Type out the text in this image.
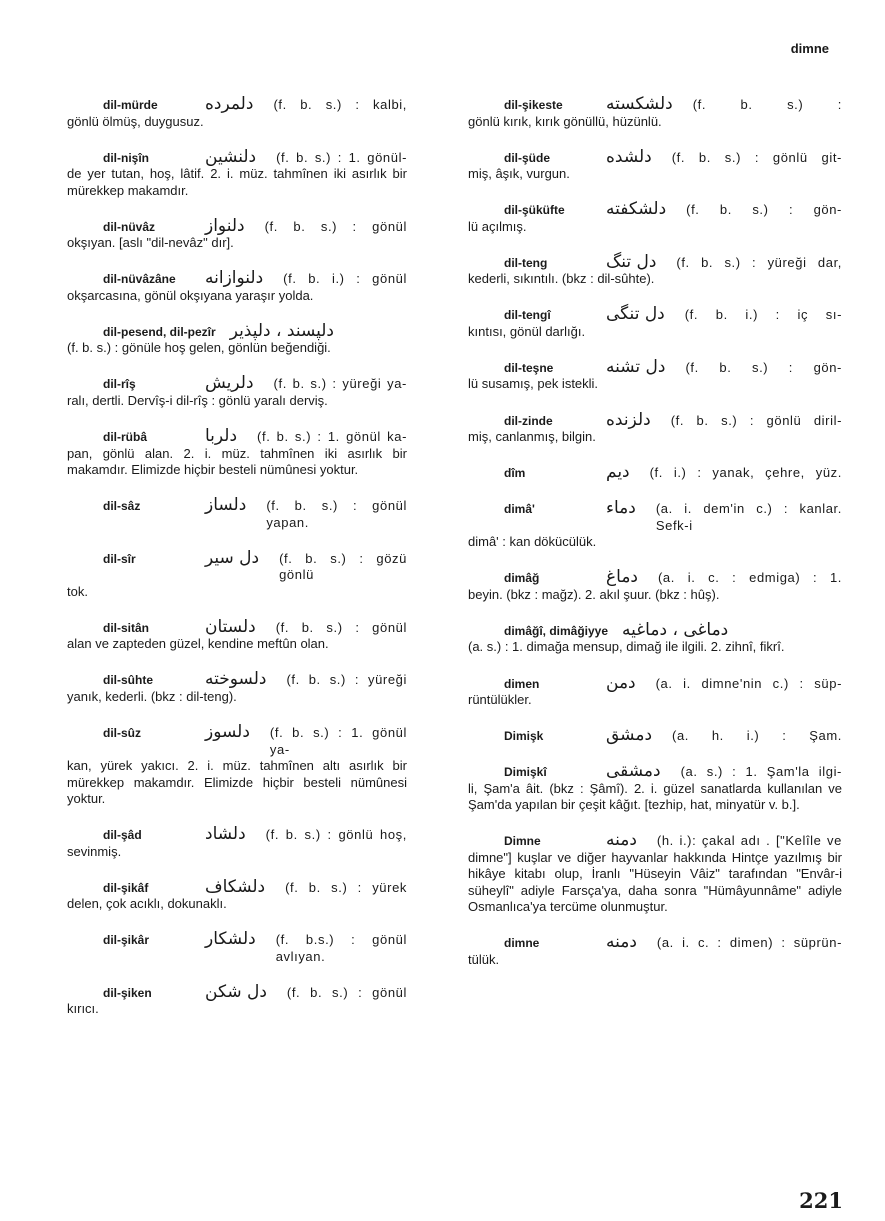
dimne
dil-mürde	دلمرده (f. b. s.) : kalbi,
gönlü ölmüş, duygusuz.
dil-nişîn	دلنشين (f. b. s.) : 1. gönül-
de yer tutan, hoş, lâtif. 2. i. müz. tahmînen iki asırlık bir mürekkep makamdır.
dil-nüvâz	دلنواز (f. b. s.) : gönül
okşıyan. [aslı "dil-nevâz" dır].
dil-nüvâzâne	دلنوازانه (f. b. i.) : gönül
okşarcasına, gönül okşıyana yaraşır yolda.
dil-pesend, dil-pezîr دلپسند ، دلپذير
(f. b. s.) : gönüle hoş gelen, gönlün beğendiği.
dil-rîş	دلريش (f. b. s.) : yüreği ya-
ralı, dertli. Dervîş-i dil-rîş : gönlü yaralı derviş.
dil-rübâ	دلربا (f. b. s.) : 1. gönül ka-
pan, gönlü alan. 2. i. müz. tahmînen iki asırlık bir makamdır. Elimizde hiçbir besteli nümûnesi yoktur.
dil-sâz	دلساز (f. b. s.) : gönül yapan.
dil-sîr	دل سير (f. b. s.) : gözü gönlü
tok.
dil-sitân	دلستان (f. b. s.) : gönül
alan ve zapteden güzel, kendine meftûn olan.
dil-sûhte	دلسوخته (f. b. s.) : yüreği
yanık, kederli. (bkz : dil-teng).
dil-sûz	دلسوز (f. b. s.) : 1. gönül ya-
kan, yürek yakıcı. 2. i. müz. tahmînen altı asırlık bir mürekkep makamdır. Elimizde hiçbir besteli nümûnesi yoktur.
dil-şâd	دلشاد (f. b. s.) : gönlü hoş,
sevinmiş.
dil-şikâf	دلشكاف (f. b. s.) : yürek
delen, çok acıklı, dokunaklı.
dil-şikâr	دلشكار (f. b.s.) : gönül avlıyan.
dil-şiken	دل شكن (f. b. s.) : gönül
kırıcı.
dil-şikeste	دلشكسته (f. b. s.) :
gönlü kırık, kırık gönüllü, hüzünlü.
dil-şüde	دلشده (f. b. s.) : gönlü git-
miş, âşık, vurgun.
dil-şüküfte	دلشكفته (f. b. s.) : gön-
lü açılmış.
dil-teng	دل تنگ (f. b. s.) : yüreği dar,
kederli, sıkıntılı. (bkz : dil-sûhte).
dil-tengî	دل تنگى (f. b. i.) : iç sı-
kıntısı, gönül darlığı.
dil-teşne	دل تشنه (f. b. s.) : gön-
lü susamış, pek istekli.
dil-zinde	دلزنده (f. b. s.) : gönlü diril-
miş, canlanmış, bilgin.
dîm	ديم (f. i.) : yanak, çehre, yüz.
dimâ'	دماء (a. i. dem'in c.) : kanlar. Sefk-i
dimâ' : kan dökücülük.
dimâğ	دماغ (a. i. c. : edmiga) : 1.
beyin. (bkz : mağz). 2. akıl şuur. (bkz : hûş).
dimâğî, dimâğiyye دماغى ، دماغيه
(a. s.) : 1. dimağa mensup, dimağ ile ilgili. 2. zihnî, fikrî.
dimen	دمن (a. i. dimne'nin c.) : süp-
rüntülükler.
Dimişk	دمشق (a. h. i.) : Şam.
Dimişkî	دمشقى (a. s.) : 1. Şam'la ilgi-
li, Şam'a âit. (bkz : Şâmî). 2. i. güzel sanatlarda kullanılan ve Şam'da yapılan bir çeşit kâğıt. [tezhip, hat, minyatür v. b.].
Dimne	دمنه (h. i.): çakal adı . ["Kelîle ve
dimne"] kuşlar ve diğer hayvanlar hakkında Hintçe yazılmış bir hikâye kitabı olup, İranlı "Hüseyin Vâiz" tarafından "Envâr-i süheylî" adiyle Farsça'ya, daha sonra "Hümâyunnâme" adiyle Osmanlıca'ya tercüme olunmuştur.
dimne	دمنه (a. i. c. : dimen) : süprün-
tülük.
221
